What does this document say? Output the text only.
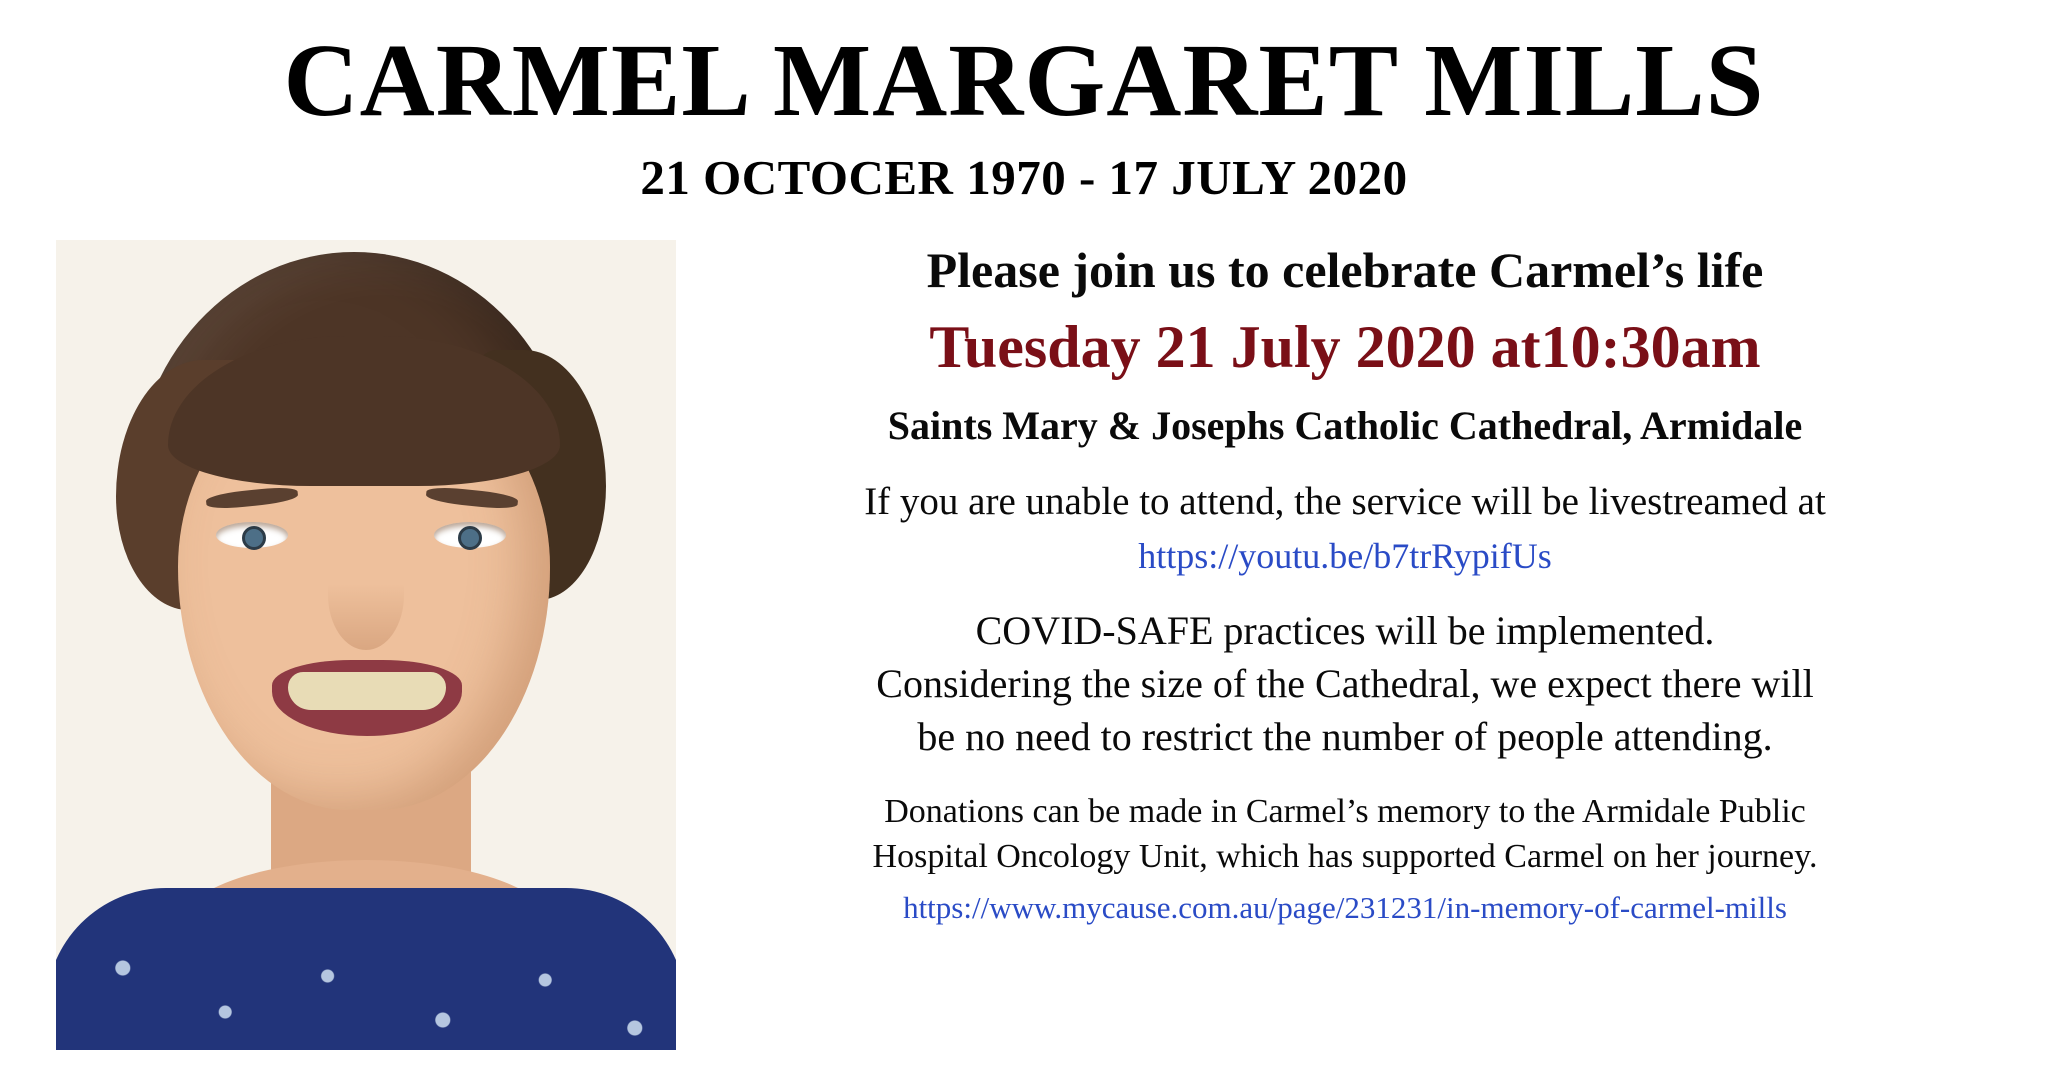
CARMEL MARGARET MILLS
21 OCTOCER 1970 - 17 JULY 2020
Please join us to celebrate Carmel’s life
Tuesday 21 July 2020 at10:30am
Saints Mary & Josephs Catholic Cathedral, Armidale
If you are unable to attend, the service will be livestreamed at
https://youtu.be/b7trRypifUs
COVID-SAFE practices will be implemented.
Considering the size of the Cathedral, we expect there will
be no need to restrict the number of people attending.
Donations can be made in Carmel’s memory to the Armidale Public
Hospital Oncology Unit, which has supported Carmel on her journey.
https://www.mycause.com.au/page/231231/in-memory-of-carmel-mills
